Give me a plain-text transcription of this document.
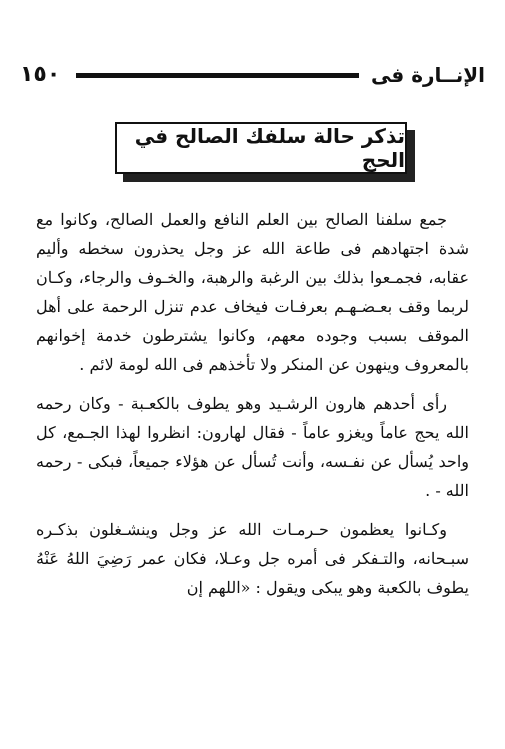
١٥٠	الإنــارة فى
تذكر حالة سلفك الصالح في الحج

جمع سلفنا الصالح بين العلم النافع والعمل الصالح، وكانوا مع شدة اجتهادهم فى طاعة الله عز وجل يحذرون سخطه وأليم عقابه، فجمـعوا بذلك بين الرغبة والرهبة، والخـوف والرجاء، وكـان لربما وقف بعـضـهـم بعرفـات فيخاف عدم تنزل الرحمة على أهل الموقف بسبب وجوده معهم، وكانوا يشترطون خدمة إخوانهم بالمعروف وينهون عن المنكر ولا تأخذهم فى الله لومة لائم .

رأى أحدهم هارون الرشـيد وهو يطوف بالكعـبة - وكان رحمه الله يحج عاماً ويغزو عاماً - فقال لهارون: انظروا لهذا الجـمع، كل واحد يُسأل عن نفـسه، وأنت تُسأل عن هؤلاء جميعاً، فبكى - رحمه الله - .

وكـانوا يعظمون حـرمـات الله عز وجل وينشـغلون بذكـره سبـحانه، والتـفكر فى أمره جل وعـلا، فكان عمر رَضِيَ اللهُ عَنْهُ يطوف بالكعبة وهو يبكى ويقول : «اللهم إن
